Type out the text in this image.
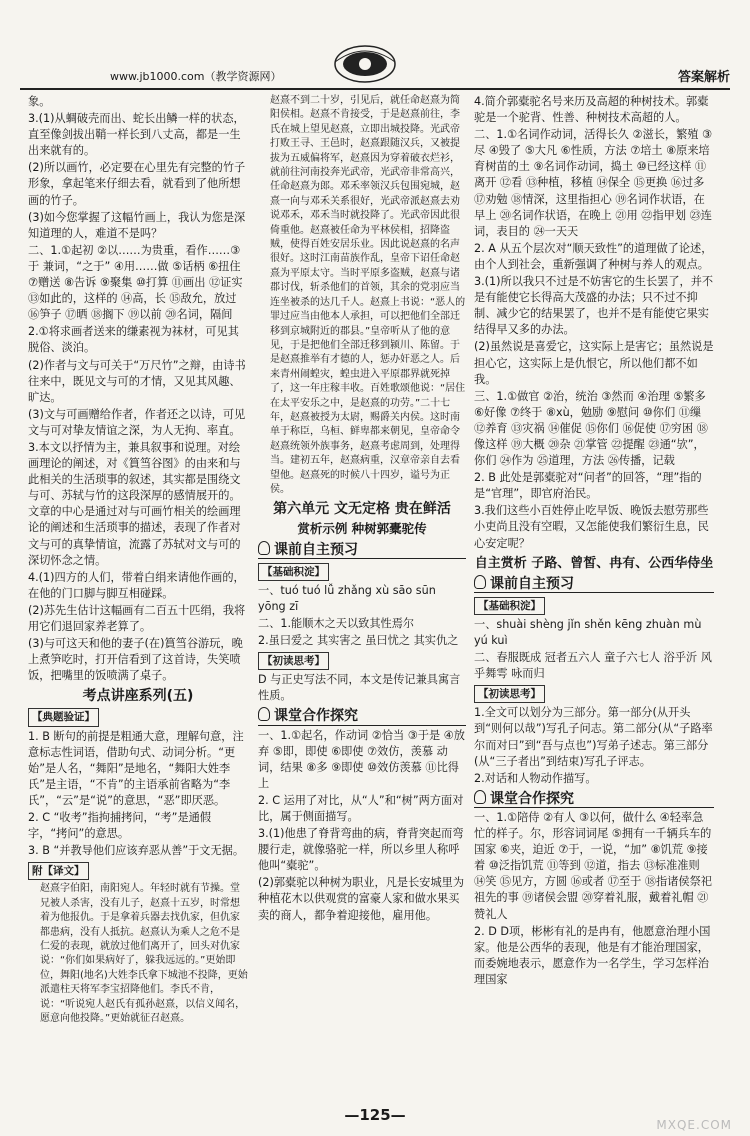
www.jb1000.com（教学资源网）	答案解析

象。

3.(1)从蜩破壳而出、蛇长出鳞一样的状态，直至像剑拔出鞘一样长到八丈高，都是一生出来就有的。

(2)所以画竹，必定要在心里先有完整的竹子形象，拿起笔来仔细去看，就看到了他所想画的竹子。

(3)如今您掌握了这幅竹画上，我认为您是深知道理的人，难道不是吗？

二、1.①起初 ②以……为贵重，看作……③于 兼词，“之于” ④用……做 ⑤话柄 ⑥扭住 ⑦赠送 ⑧告诉 ⑨聚集 ⑩打算 ⑪画出 ⑫证实 ⑬如此的，这样的 ⑭高，长 ⑮敌允，放过 ⑯笋子 ⑰晒 ⑱搁下 ⑲以前 ⑳名词，隔间

2.①将求画者送来的缣素视为袜材，可见其脱俗、淡泊。

(2)作者与文与可关于“万尺竹”之辩，由诗书往来中，既见文与可的才情，又见其风趣、旷达。

(3)文与可画赠给作者，作者还之以诗，可见文与可对挚友情谊之深，为人无拘、率直。

3.本文以抒情为主，兼具叙事和说理。对绘画理论的阐述，对《篔筜谷图》的由来和与此相关的生活琐事的叙述，其实都是围绕文与可、苏轼与竹的这段深厚的感情展开的。文章的中心是通过对与可画竹相关的绘画理论的阐述和生活琐事的描述，表现了作者对文与可的真挚情谊，流露了苏轼对文与可的深切怀念之情。

4.(1)四方的人们，带着白绢来请他作画的，在他的门口脚与脚互相碰踩。

(2)苏先生估计这幅画有二百五十匹绢，我将用它们退回家养老算了。

(3)与可这天和他的妻子(在)篔筜谷游玩，晚上煮笋吃时，打开信看到了这首诗，失笑喷饭，把嘴里的饭喷满了桌子。

考点讲座系列(五)
【典题验证】

1. B 断句的前提是粗通大意，理解句意，注意标志性词语，借助句式、动词分析。“更始”是人名，“舞阳”是地名，“舞阳大姓李氏”是主语，“不肯”的主语承前省略为“李氏”，“云”是“说”的意思，“恶”即厌恶。

2. C “收考”指拘捕拷问，“考”是通假字，“拷问”的意思。

3. B “并教导他们应该弃恶从善”于文无据。

附【译文】

赵熹字伯阳，南阳宛人。年轻时就有节操。堂兄被人杀害，没有儿子，赵熹十五岁，时常想着为他报仇。于是拿着兵器去找仇家，但仇家都患病，没有人抵抗。赵熹认为乘人之危不是仁爱的表现，就放过他们离开了，回头对仇家说：“你们如果病好了，躲我远远的。”更始即位，舞阳(地名)大姓李氏拿下城池不投降，更始派遣柱天将军李宝招降他们。李氏不肯，说：“听说宛人赵氏有孤孙赵熹，以信义闻名，愿意向他投降。”更始就征召赵熹。

赵熹不到二十岁，引见后，就任命赵熹为简阳侯相。赵熹不肯接受，于是赵熹前往，李氏在城上望见赵熹，立即出城投降。光武帝打败王寻、王邑时，赵熹跟随汉兵，又被提拔为五威偏将军，赵熹因为穿着破衣烂衫，就前往河南投奔光武帝，光武帝非常高兴，任命赵熹为郎。邓禾率领汉兵包围宛城，赵熹一向与邓禾关系很好，光武帝派赵熹去劝说邓禾，邓禾当时就投降了。光武帝因此很倚重他。赵熹被任命为平林侯相，招降盗贼，使得百姓安居乐业。因此说赵熹的名声很好。这时江南苗族作乱，皇帝下诏任命赵熹为平原太守。当时平原多盗贼，赵熹与诸郡讨伐，斩杀他们的首领，其余的党羽应当连坐被杀的达几千人。赵熹上书说：“恶人的罪过应当由他本人承担，可以把他们全部迁移到京城附近的郡县。”皇帝听从了他的意见，于是把他们全部迁移到颍川、陈留。于是赵熹推举有才德的人，惩办奸恶之人。后来青州闹蝗灾，蝗虫进入平原郡界就死掉了，这一年庄稼丰收。百姓歌颂他说：“居住在太平安乐之中，是赵熹的功劳。”二十七年，赵熹被授为太尉，赐爵关内侯。这时南单于称臣，乌桓、鲜卑都来朝见，皇帝命令赵熹统领外族事务，赵熹考虑周到，处理得当。建初五年，赵熹病重，汉章帝亲自去看望他。赵熹死的时候八十四岁，谥号为正侯。

第六单元 文无定格 贵在鲜活
赏析示例 种树郭橐驼传
课前自主预习
【基础积淀】

一、tuó tuó lǚ zhǎng xù sāo sūn yōng zī

二、1.能顺木之天以致其性焉尔

2.虽曰爱之 其实害之 虽曰忧之 其实仇之

【初读思考】

D 与正史写法不同，本文是传记兼具寓言性质。

课堂合作探究

一、1.①起名，作动词 ②恰当 ③于是 ④放弃 ⑤即，即使 ⑥即使 ⑦效仿，羡慕 动词，结果 ⑧多 ⑨即使 ⑩效仿羡慕 ⑪比得上

2. C 运用了对比，从“人”和“树”两方面对比，属于侧面描写。

3.(1)他患了脊背弯曲的病，脊背突起而弯腰行走，就像骆驼一样，所以乡里人称呼他叫“橐驼”。

(2)郭橐驼以种树为职业，凡是长安城里为种植花木以供观赏的富豪人家和做水果买卖的商人，都争着迎接他，雇用他。

4.简介郭橐驼名号来历及高超的种树技术。郭橐驼是一个驼背、性善、种树技术高超的人。

二、1.①名词作动词，活得长久 ②滋长，繁殖 ③尽 ④毁了 ⑤大凡 ⑥性质，方法 ⑦培土 ⑧原来培育树苗的土 ⑨名词作动词，捣土 ⑩已经这样 ⑪离开 ⑫看 ⑬种植，移植 ⑭保全 ⑮更换 ⑯过多 ⑰劝勉 ⑱情深，这里指担心 ⑲名词作状语，在早上 ⑳名词作状语，在晚上 ㉑用 ㉒指甲划 ㉓连词，表目的 ㉔一天天

2. A 从五个层次对“顺天致性”的道理做了论述，由个人到社会，重新强调了种树与养人的观点。

3.(1)所以我只不过是不妨害它的生长罢了，并不是有能使它长得高大茂盛的办法；只不过不抑制、减少它的结果罢了，也并不是有能使它果实结得早又多的办法。

(2)虽然说是喜爱它，这实际上是害它；虽然说是担心它，这实际上是仇恨它，所以他们都不如我。

三、1.①做官 ②治，统治 ③然而 ④治理 ⑤繁多 ⑥好像 ⑦终于 ⑧xù，勉励 ⑨慰问 ⑩你们 ⑪缫 ⑫养育 ⑬灾祸 ⑭催促 ⑮你们 ⑯促使 ⑰穷困 ⑱像这样 ⑲大概 ⑳杂 ㉑掌管 ㉒提醒 ㉓通“欤”，你们 ㉔作为 ㉕道理，方法 ㉖传播，记载

2. B 此处是郭橐驼对“问者”的回答，“理”指的是“官理”，即官府治民。

3.我们这些小百姓停止吃早饭、晚饭去慰劳那些小吏尚且没有空暇，又怎能使我们繁衍生息，民心安定呢？

自主赏析 子路、曾皙、冉有、公西华侍坐
课前自主预习
【基础积淀】

一、shuài shèng jǐn shěn kēng zhuàn mù yú kuì

二、春服既成 冠者五六人 童子六七人 浴乎沂 风乎舞雩 咏而归

【初读思考】

1.全文可以划分为三部分。第一部分(从开头到“则何以哉”)写孔子问志。第二部分(从“子路率尔而对曰”到“吾与点也”)写弟子述志。第三部分(从“三子者出”到结束)写孔子评志。

2.对话和人物动作描写。

课堂合作探究

一、1.①陪侍 ②有人 ③以何，做什么 ④轻率急忙的样子。尔，形容词词尾 ⑤拥有一千辆兵车的国家 ⑥夹，迫近 ⑦于，一说，“加” ⑧饥荒 ⑨接着 ⑩泛指饥荒 ⑪等到 ⑫道，指去 ⑬标准准则 ⑭笑 ⑮见方，方圆 ⑯或者 ⑰至于 ⑱指诸侯祭祀祖先的事 ⑲诸侯会盟 ⑳穿着礼服，戴着礼帽 ㉑赞礼人

2. D D项，彬彬有礼的是冉有，他愿意治理小国家。他是公西华的表现，他是有才能治理国家，而委婉地表示，愿意作为一名学生，学习怎样治理国家

—125—
MXQE.COM
